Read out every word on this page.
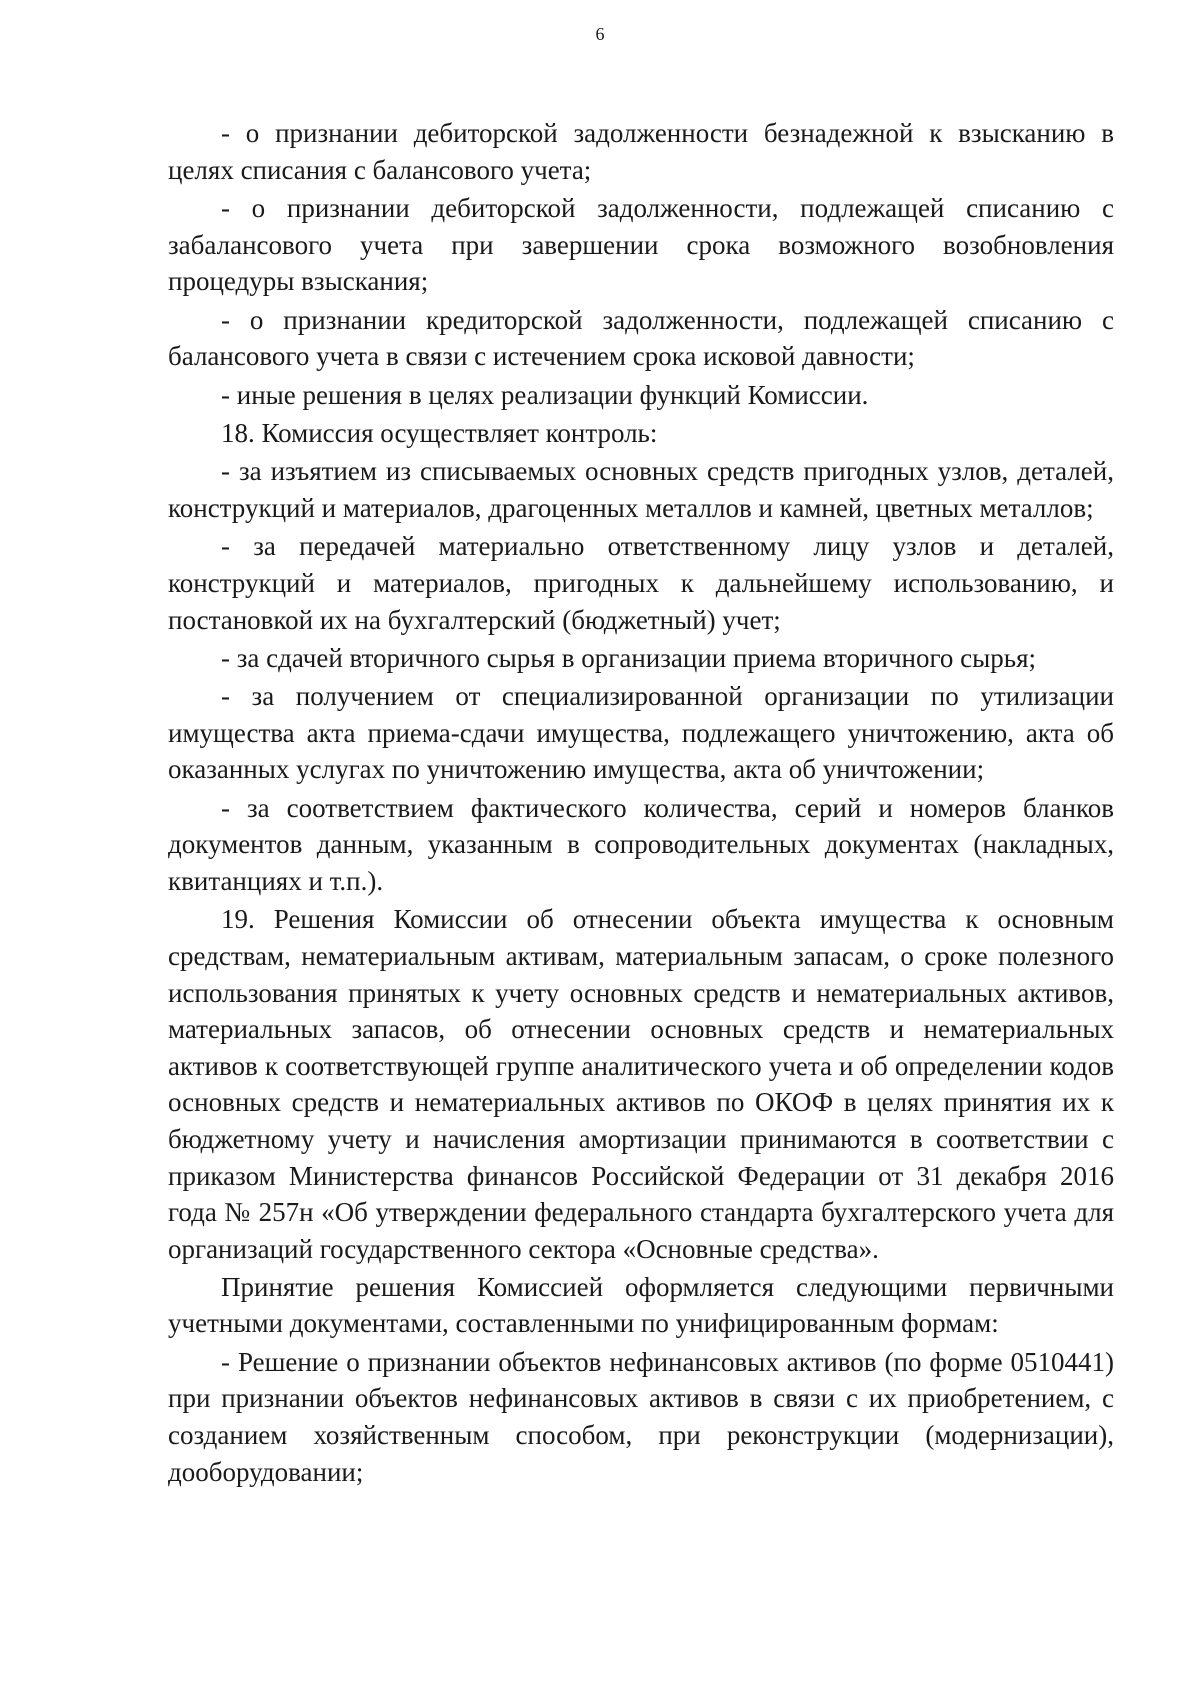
6

- о признании дебиторской задолженности безнадежной к взысканию в целях списания с балансового учета;

- о признании дебиторской задолженности, подлежащей списанию с забалансового учета при завершении срока возможного возобновления процедуры взыскания;

- о признании кредиторской задолженности, подлежащей списанию с балансового учета в связи с истечением срока исковой давности;

- иные решения в целях реализации функций Комиссии.

18. Комиссия осуществляет контроль:

- за изъятием из списываемых основных средств пригодных узлов, деталей, конструкций и материалов, драгоценных металлов и камней, цветных металлов;

- за передачей материально ответственному лицу узлов и деталей, конструкций и материалов, пригодных к дальнейшему использованию, и постановкой их на бухгалтерский (бюджетный) учет;

- за сдачей вторичного сырья в организации приема вторичного сырья;

- за получением от специализированной организации по утилизации имущества акта приема-сдачи имущества, подлежащего уничтожению, акта об оказанных услугах по уничтожению имущества, акта об уничтожении;

- за соответствием фактического количества, серий и номеров бланков документов данным, указанным в сопроводительных документах (накладных, квитанциях и т.п.).

19. Решения Комиссии об отнесении объекта имущества к основным средствам, нематериальным активам, материальным запасам, о сроке полезного использования принятых к учету основных средств и нематериальных активов, материальных запасов, об отнесении основных средств и нематериальных активов к соответствующей группе аналитического учета и об определении кодов основных средств и нематериальных активов по ОКОФ в целях принятия их к бюджетному учету и начисления амортизации принимаются в соответствии с приказом Министерства финансов Российской Федерации от 31 декабря 2016 года № 257н «Об утверждении федерального стандарта бухгалтерского учета для организаций государственного сектора «Основные средства».

Принятие решения Комиссией оформляется следующими первичными учетными документами, составленными по унифицированным формам:

- Решение о признании объектов нефинансовых активов (по форме 0510441) при признании объектов нефинансовых активов в связи с их приобретением, с созданием хозяйственным способом, при реконструкции (модернизации), дооборудовании;
